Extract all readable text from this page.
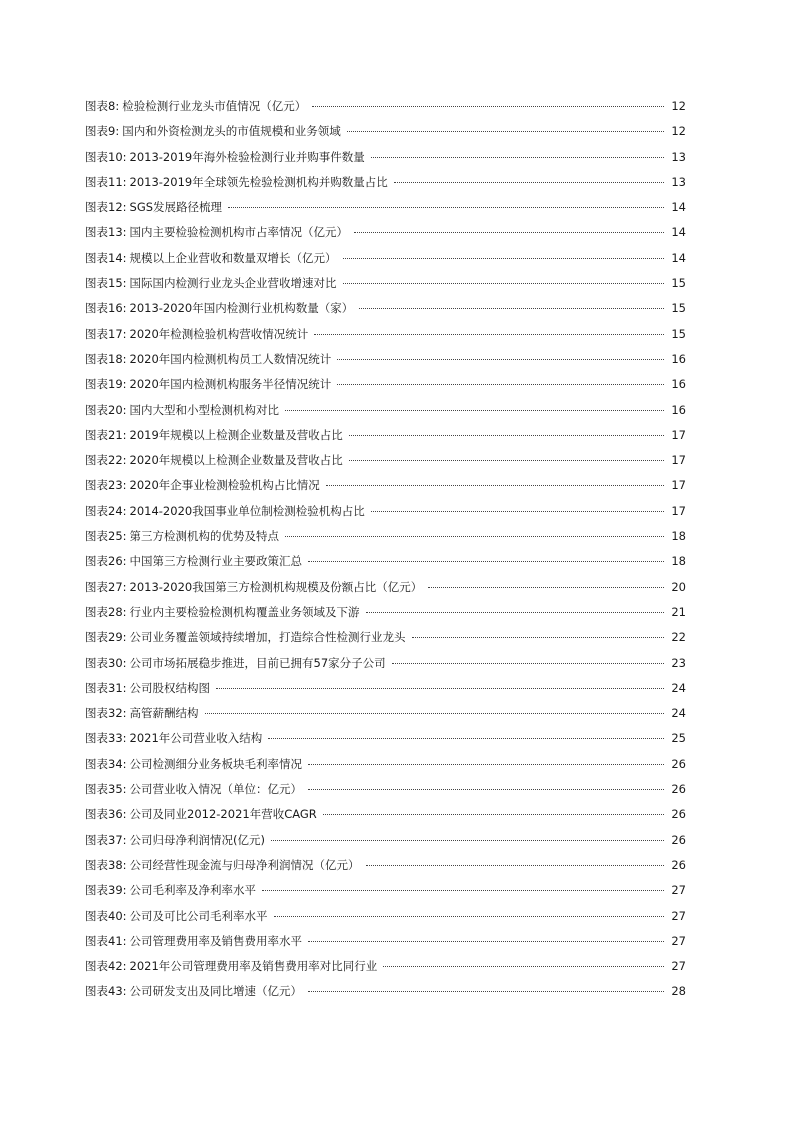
图表8: 检验检测行业龙头市值情况（亿元）	12
图表9: 国内和外资检测龙头的市值规模和业务领域	12
图表10: 2013-2019年海外检验检测行业并购事件数量	13
图表11: 2013-2019年全球领先检验检测机构并购数量占比	13
图表12: SGS发展路径梳理	14
图表13: 国内主要检验检测机构市占率情况（亿元）	14
图表14: 规模以上企业营收和数量双增长（亿元）	14
图表15: 国际国内检测行业龙头企业营收增速对比	15
图表16: 2013-2020年国内检测行业机构数量（家）	15
图表17: 2020年检测检验机构营收情况统计	15
图表18: 2020年国内检测机构员工人数情况统计	16
图表19: 2020年国内检测机构服务半径情况统计	16
图表20: 国内大型和小型检测机构对比	16
图表21: 2019年规模以上检测企业数量及营收占比	17
图表22: 2020年规模以上检测企业数量及营收占比	17
图表23: 2020年企事业检测检验机构占比情况	17
图表24: 2014-2020我国事业单位制检测检验机构占比	17
图表25: 第三方检测机构的优势及特点	18
图表26: 中国第三方检测行业主要政策汇总	18
图表27: 2013-2020我国第三方检测机构规模及份额占比（亿元）	20
图表28: 行业内主要检验检测机构覆盖业务领域及下游	21
图表29: 公司业务覆盖领域持续增加，打造综合性检测行业龙头	22
图表30: 公司市场拓展稳步推进，目前已拥有57家分子公司	23
图表31: 公司股权结构图	24
图表32: 高管薪酬结构	24
图表33: 2021年公司营业收入结构	25
图表34: 公司检测细分业务板块毛利率情况	26
图表35: 公司营业收入情况（单位：亿元）	26
图表36: 公司及同业2012-2021年营收CAGR	26
图表37: 公司归母净利润情况(亿元)	26
图表38: 公司经营性现金流与归母净利润情况（亿元）	26
图表39: 公司毛利率及净利率水平	27
图表40: 公司及可比公司毛利率水平	27
图表41: 公司管理费用率及销售费用率水平	27
图表42: 2021年公司管理费用率及销售费用率对比同行业	27
图表43: 公司研发支出及同比增速（亿元）	28
